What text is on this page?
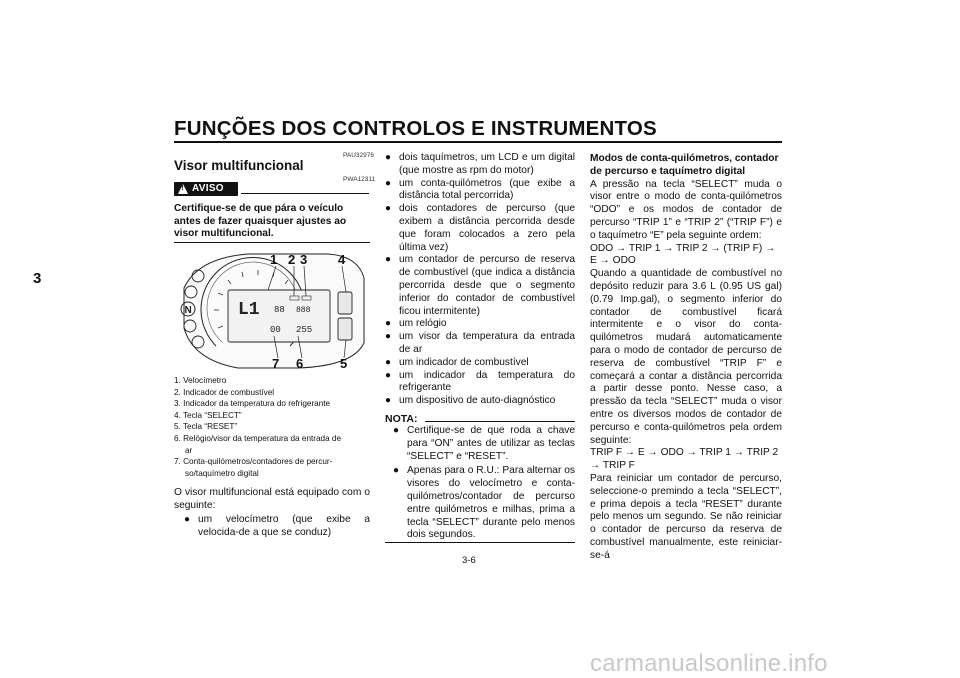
FUNÇÕES DOS CONTROLOS E INSTRUMENTOS
3
PAU32976
Visor multifuncional
PWA12311
! AVISO
Certifique-se de que pára o veículo antes de fazer quaisquer ajustes ao visor multifuncional.
L1 88 888
00 255
N
1 2 3 4
5
6
7
1. Velocímetro
2. Indicador de combustível
3. Indicador da temperatura do refrigerante
4. Tecla “SELECT”
5. Tecla “RESET”
6. Relógio/visor da temperatura da entrada de
ar
7. Conta-quilómetros/contadores de percur-
so/taquímetro digital
O visor multifuncional está equipado com o seguinte:
● um velocímetro (que exibe a velocida-de a que se conduz)
● dois taquímetros, um LCD e um digital (que mostre as rpm do motor)
● um conta-quilómetros (que exibe a distância total percorrida)
● dois contadores de percurso (que exibem a distância percorrida desde que foram colocados a zero pela última vez)
● um contador de percurso de reserva de combustível (que indica a distância percorrida desde que o segmento inferior do contador de combustível ficou intermitente)
● um relógio
● um visor da temperatura da entrada de ar
● um indicador de combustível
● um indicador da temperatura do refrigerante
● um dispositivo de auto-diagnóstico
NOTA:
● Certifique-se de que roda a chave para “ON” antes de utilizar as teclas “SELECT” e “RESET”.
● Apenas para o R.U.: Para alternar os visores do velocímetro e conta-quilómetros/contador de percurso entre quilómetros e milhas, prima a tecla “SELECT” durante pelo menos dois segundos.
Modos de conta-quilómetros, contador de percurso e taquímetro digital
A pressão na tecla “SELECT” muda o visor entre o modo de conta-quilómetros “ODO” e os modos de contador de percurso “TRIP 1” e “TRIP 2” (“TRIP F”) e o taquímetro “E” pela seguinte ordem:
ODO → TRIP 1 → TRIP 2 → (TRIP F) → E → ODO
Quando a quantidade de combustível no depósito reduzir para 3.6 L (0.95 US gal) (0.79 Imp.gal), o segmento inferior do contador de combustível ficará intermitente e o visor do conta-quilómetros mudará automaticamente para o modo de contador de percurso de reserva de combustível “TRIP F” e começará a contar a distância percorrida a partir desse ponto. Nesse caso, a pressão da tecla “SELECT” muda o visor entre os diversos modos de contador de percurso e conta-quilómetros pela ordem seguinte:
TRIP F → E → ODO → TRIP 1 → TRIP 2 → TRIP F
Para reiniciar um contador de percurso, seleccione-o premindo a tecla “SELECT”, e prima depois a tecla “RESET” durante pelo menos um segundo. Se não reiniciar o contador de percurso da reserva de combustível manualmente, este reiniciar-se-á
3-6
carmanualsonline.info
